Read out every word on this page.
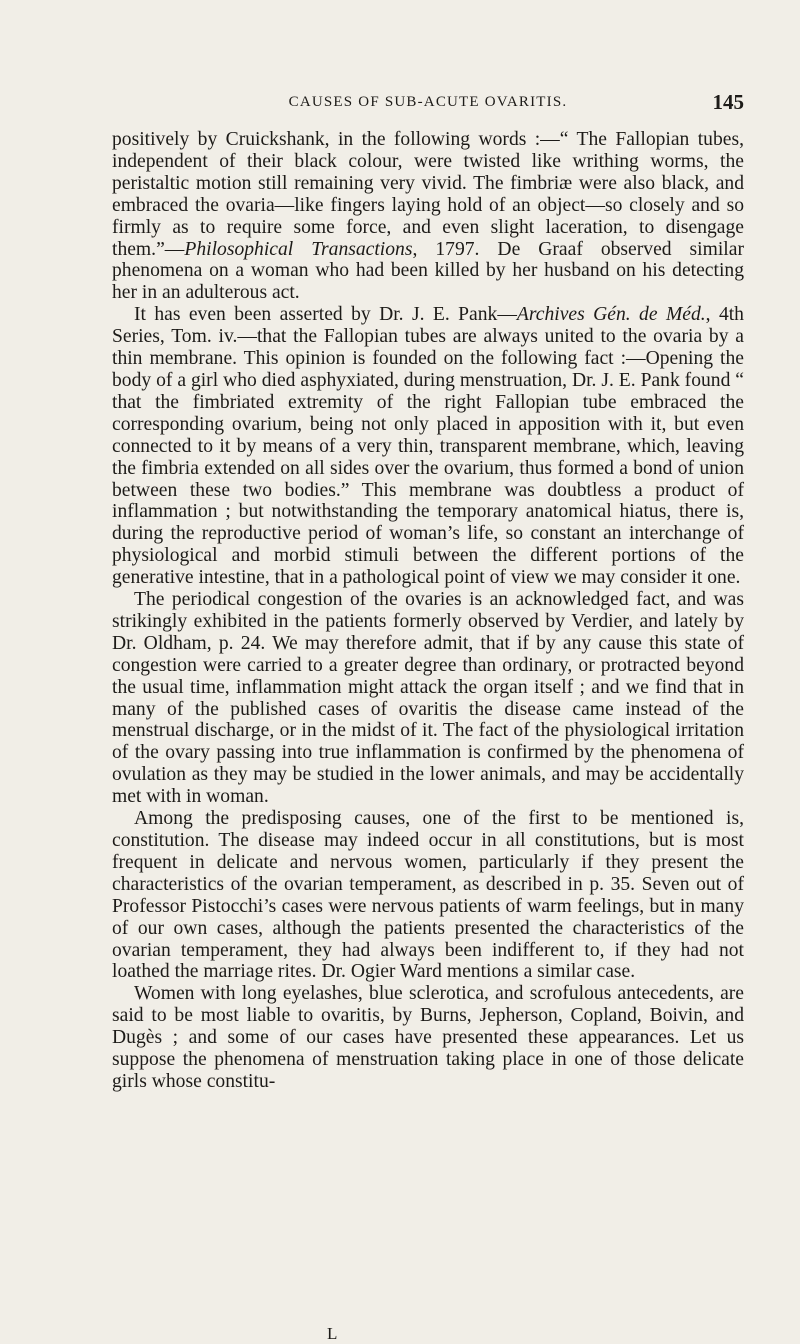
CAUSES OF SUB-ACUTE OVARITIS.	145

positively by Cruickshank, in the following words :—“ The Fallopian tubes, independent of their black colour, were twisted like writhing worms, the peristaltic motion still remaining very vivid. The fimbriæ were also black, and embraced the ovaria—like fingers laying hold of an object—so closely and so firmly as to require some force, and even slight laceration, to disengage them.”—Philosophical Transactions, 1797. De Graaf observed similar phenomena on a woman who had been killed by her husband on his detecting her in an adulterous act.

It has even been asserted by Dr. J. E. Pank—Archives Gén. de Méd., 4th Series, Tom. iv.—that the Fallopian tubes are always united to the ovaria by a thin membrane. This opinion is founded on the following fact :—Opening the body of a girl who died asphyxiated, during menstruation, Dr. J. E. Pank found “ that the fimbriated extremity of the right Fallopian tube embraced the corresponding ovarium, being not only placed in apposition with it, but even connected to it by means of a very thin, transparent membrane, which, leaving the fimbria extended on all sides over the ovarium, thus formed a bond of union between these two bodies.” This membrane was doubtless a product of inflammation ; but notwithstanding the temporary anatomical hiatus, there is, during the reproductive period of woman’s life, so constant an interchange of physiological and morbid stimuli between the different portions of the generative intestine, that in a pathological point of view we may consider it one.

The periodical congestion of the ovaries is an acknowledged fact, and was strikingly exhibited in the patients formerly observed by Verdier, and lately by Dr. Oldham, p. 24. We may therefore admit, that if by any cause this state of congestion were carried to a greater degree than ordinary, or protracted beyond the usual time, inflammation might attack the organ itself ; and we find that in many of the published cases of ovaritis the disease came instead of the menstrual discharge, or in the midst of it. The fact of the physiological irritation of the ovary passing into true inflammation is confirmed by the phenomena of ovulation as they may be studied in the lower animals, and may be accidentally met with in woman.

Among the predisposing causes, one of the first to be mentioned is, constitution. The disease may indeed occur in all constitutions, but is most frequent in delicate and nervous women, particularly if they present the characteristics of the ovarian temperament, as described in p. 35. Seven out of Professor Pistocchi’s cases were nervous patients of warm feelings, but in many of our own cases, although the patients presented the characteristics of the ovarian temperament, they had always been indifferent to, if they had not loathed the marriage rites. Dr. Ogier Ward mentions a similar case.

Women with long eyelashes, blue sclerotica, and scrofulous antecedents, are said to be most liable to ovaritis, by Burns, Jepherson, Copland, Boivin, and Dugès ; and some of our cases have presented these appearances. Let us suppose the phenomena of menstruation taking place in one of those delicate girls whose constitu-

L
